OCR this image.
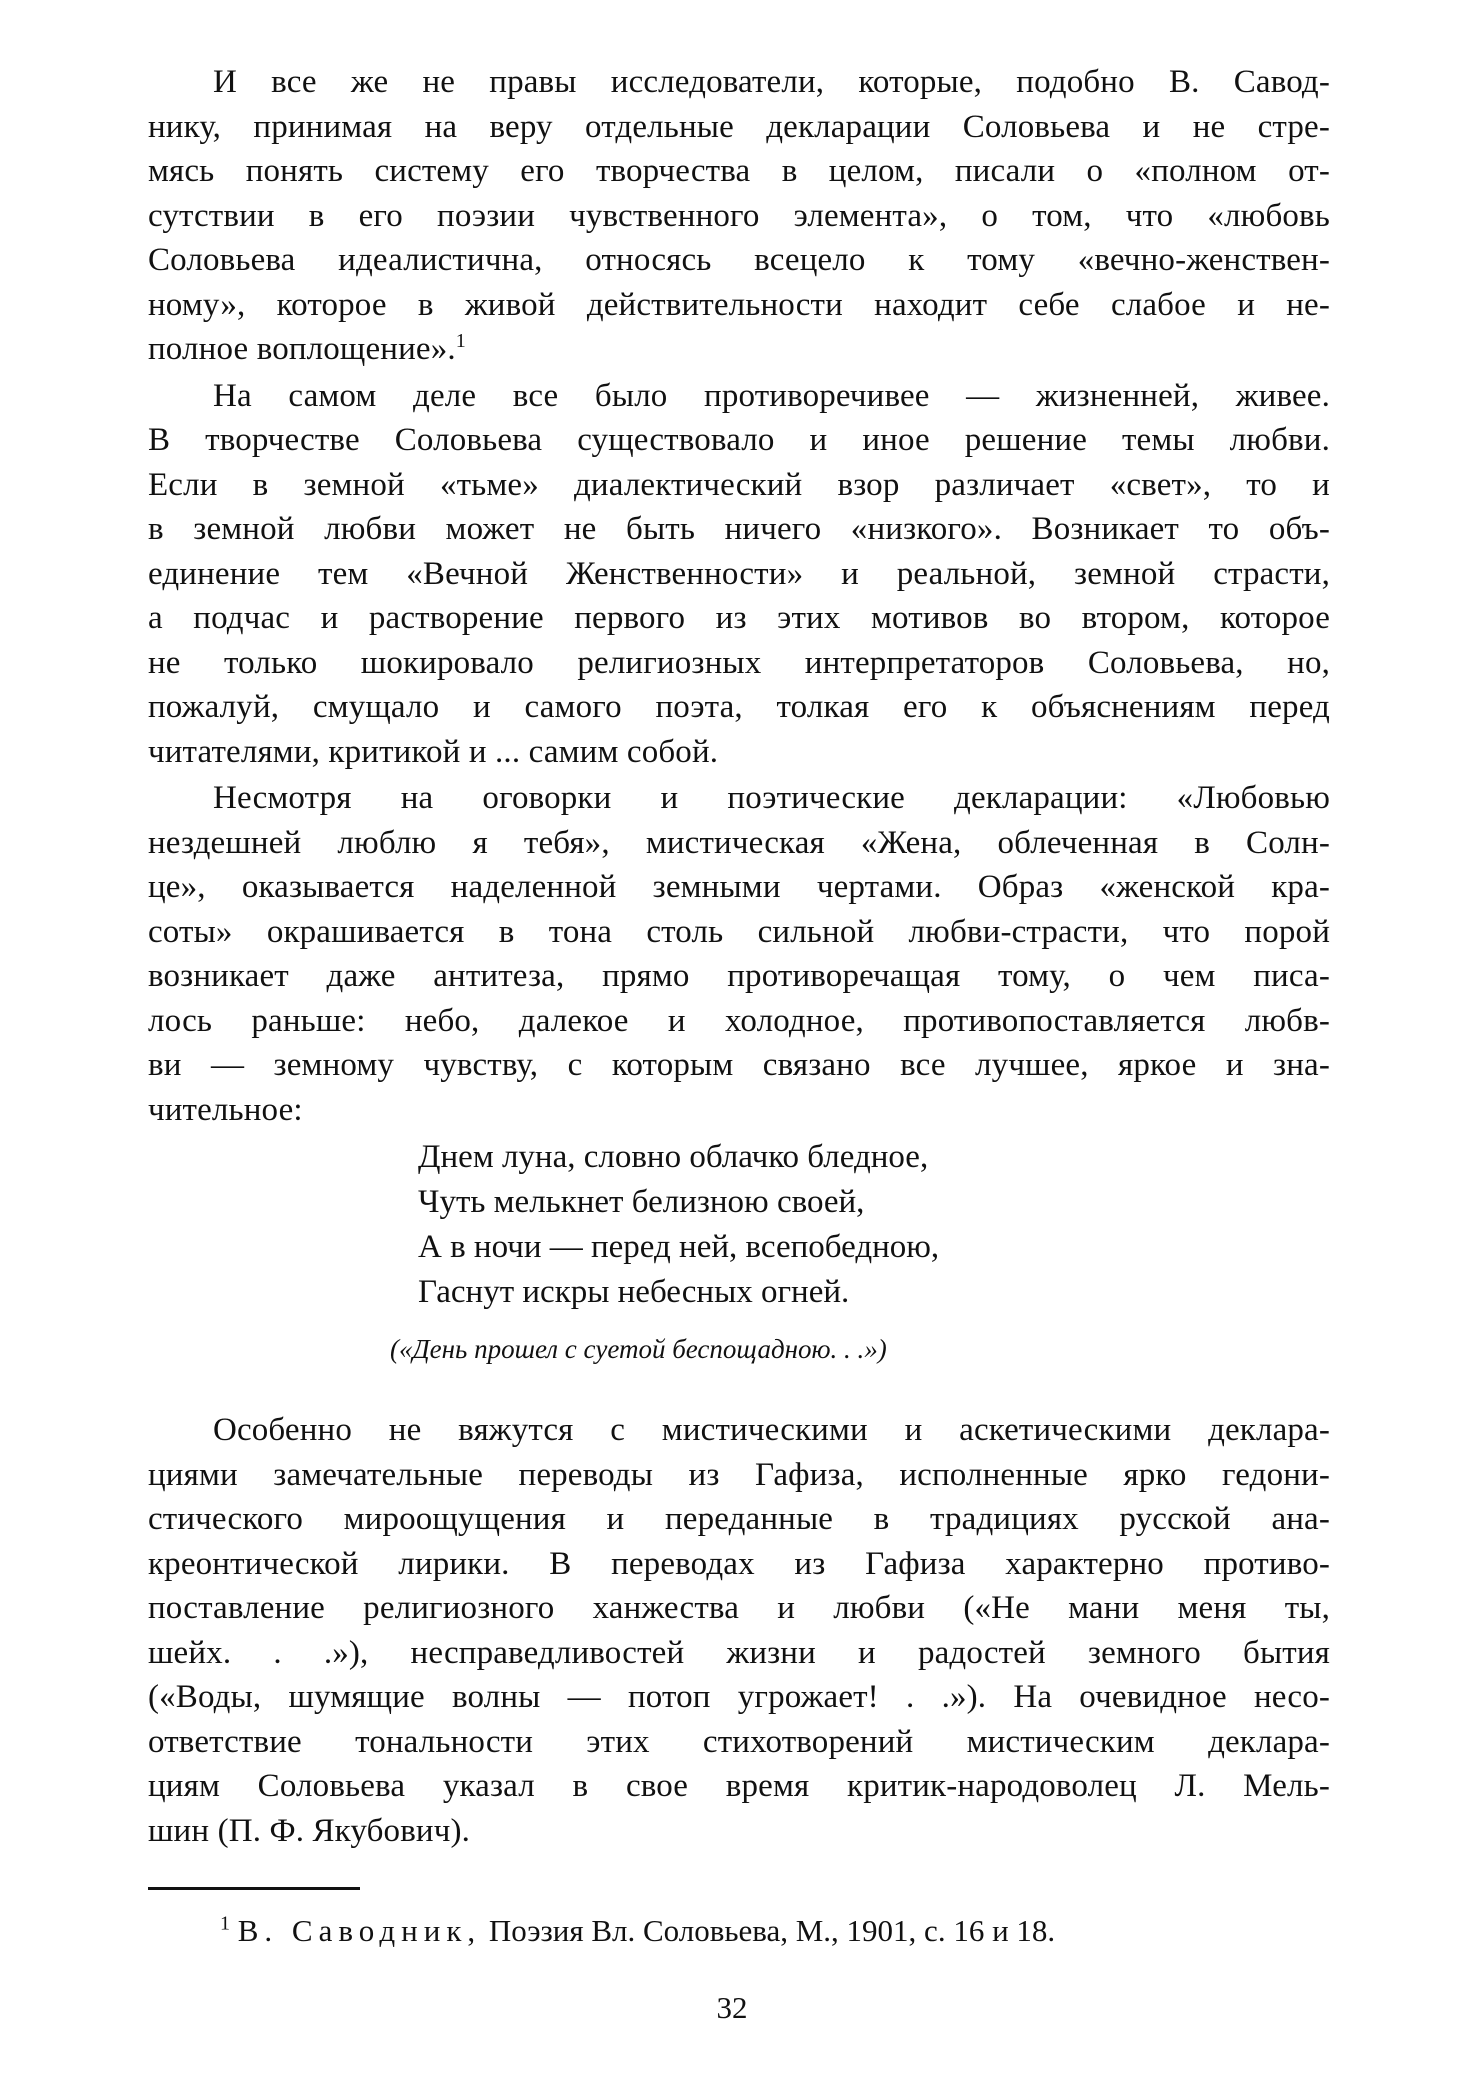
И все же не правы исследователи, которые, подобно В. Савод-
нику, принимая на веру отдельные декларации Соловьева и не стре-
мясь понять систему его творчества в целом, писали о «полном от-
сутствии в его поэзии чувственного элемента», о том, что «любовь
Соловьева идеалистична, относясь всецело к тому «вечно-женствен-
ному», которое в живой действительности находит себе слабое и не-
полное воплощение».$^1$
На самом деле все было противоречивее — жизненней, живее.
В творчестве Соловьева существовало и иное решение темы любви.
Если в земной «тьме» диалектический взор различает «свет», то и
в земной любви может не быть ничего «низкого». Возникает то объ-
единение тем «Вечной Женственности» и реальной, земной страсти,
а подчас и растворение первого из этих мотивов во втором, которое
не только шокировало религиозных интерпретаторов Соловьева, но,
пожалуй, смущало и самого поэта, толкая его к объяснениям перед
читателями, критикой и ... самим собой.
Несмотря на оговорки и поэтические декларации: «Любовью
нездешней люблю я тебя», мистическая «Жена, облеченная в Солн-
це», оказывается наделенной земными чертами. Образ «женской кра-
соты» окрашивается в тона столь сильной любви-страсти, что порой
возникает даже антитеза, прямо противоречащая тому, о чем писа-
лось раньше: небо, далекое и холодное, противопоставляется любв-
ви — земному чувству, с которым связано все лучшее, яркое и зна-
чительное:
Днем луна, словно облачко бледное,
Чуть мелькнет белизною своей,
А в ночи — перед ней, всепобедною,
Гаснут искры небесных огней.
(«День прошел с суетой беспощадною. . .»)
Особенно не вяжутся с мистическими и аскетическими деклара-
циями замечательные переводы из Гафиза, исполненные ярко гедони-
стического мироощущения и переданные в традициях русской ана-
креонтической лирики. В переводах из Гафиза характерно противо-
поставление религиозного ханжества и любви («Не мани меня ты,
шейх. . .»), несправедливостей жизни и радостей земного бытия
(«Воды, шумящие волны — потоп угрожает! . .»). На очевидное несо-
ответствие тональности этих стихотворений мистическим деклара-
циям Соловьева указал в свое время критик-народоволец Л. Мель-
шин (П. Ф. Якубович).
$^1$ В. Саводник, Поэзия Вл. Соловьева, М., 1901, с. 16 и 18.
32
